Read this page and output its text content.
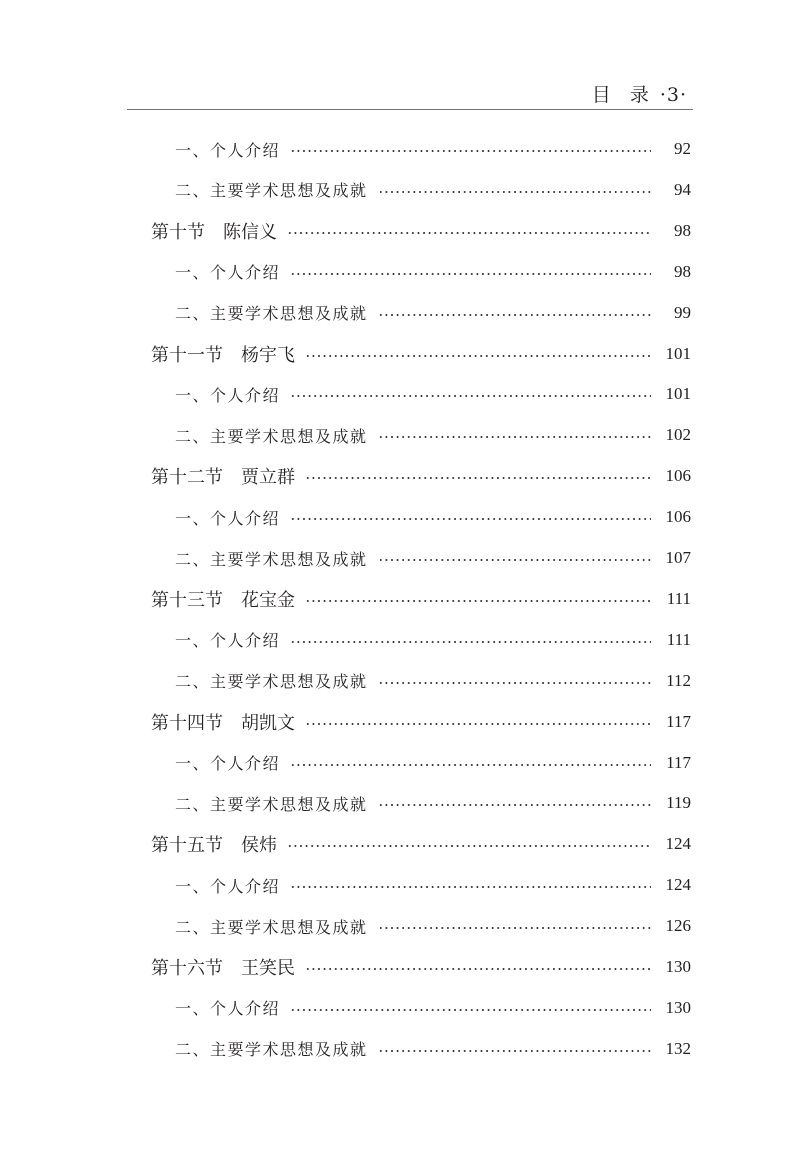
目 录 ·3·
一、个人介绍	92
二、主要学术思想及成就	94
第十节　陈信义	98
一、个人介绍	98
二、主要学术思想及成就	99
第十一节　杨宇飞	101
一、个人介绍	101
二、主要学术思想及成就	102
第十二节　贾立群	106
一、个人介绍	106
二、主要学术思想及成就	107
第十三节　花宝金	111
一、个人介绍	111
二、主要学术思想及成就	112
第十四节　胡凯文	117
一、个人介绍	117
二、主要学术思想及成就	119
第十五节　侯炜	124
一、个人介绍	124
二、主要学术思想及成就	126
第十六节　王笑民	130
一、个人介绍	130
二、主要学术思想及成就	132
